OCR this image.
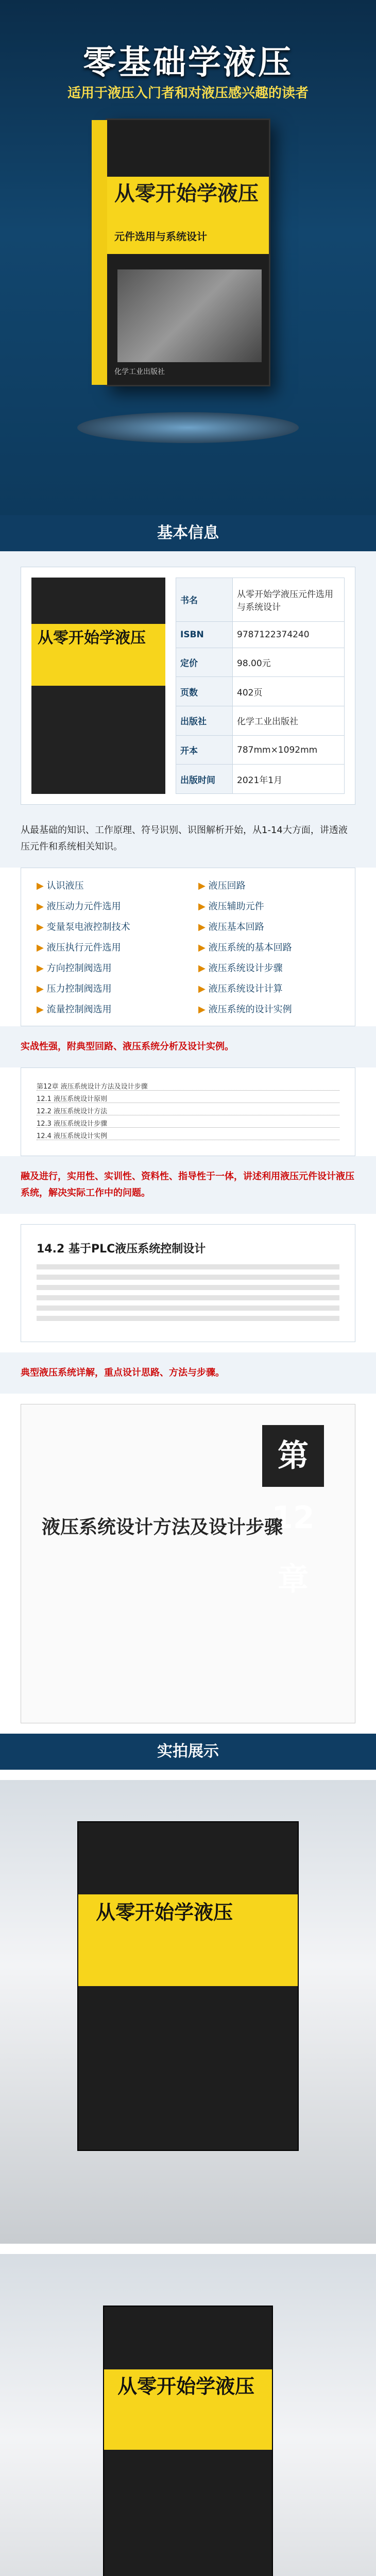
零基础学液压
适用于液压入门者和对液压感兴趣的读者
从零开始学液压
元件选用与系统设计
化学工业出版社
基本信息
从零开始学液压
书名	从零开始学液压元件选用与系统设计
ISBN	9787122374240
定价	98.00元
页数	402页
出版社	化学工业出版社
开本	787mm×1092mm
出版时间	2021年1月
从最基础的知识、工作原理、符号识别、识图解析开始，从1-14大方面，讲透液压元件和系统相关知识。
▶ 认识液压	▶ 液压回路
▶ 液压动力元件选用	▶ 液压辅助元件
▶ 变量泵电液控制技术	▶ 液压基本回路
▶ 液压执行元件选用	▶ 液压系统的基本回路
▶ 方向控制阀选用	▶ 液压系统设计步骤
▶ 压力控制阀选用	▶ 液压系统设计计算
▶ 流量控制阀选用	▶ 液压系统的设计实例
实战性强，附典型回路、液压系统分析及设计实例。
第12章 液压系统设计方法及设计步骤
12.1 液压系统设计原则
12.2 液压系统设计方法
12.3 液压系统设计步骤
12.4 液压系统设计实例
融及进行，实用性、实训性、资料性、指导性于一体，讲述利用液压元件设计液压系统，解决实际工作中的问题。
14.2 基于PLC液压系统控制设计
典型液压系统详解，重点设计思路、方法与步骤。
第12章
液压系统设计方法及设计步骤
实拍展示
从零开始学液压
从零开始学液压
